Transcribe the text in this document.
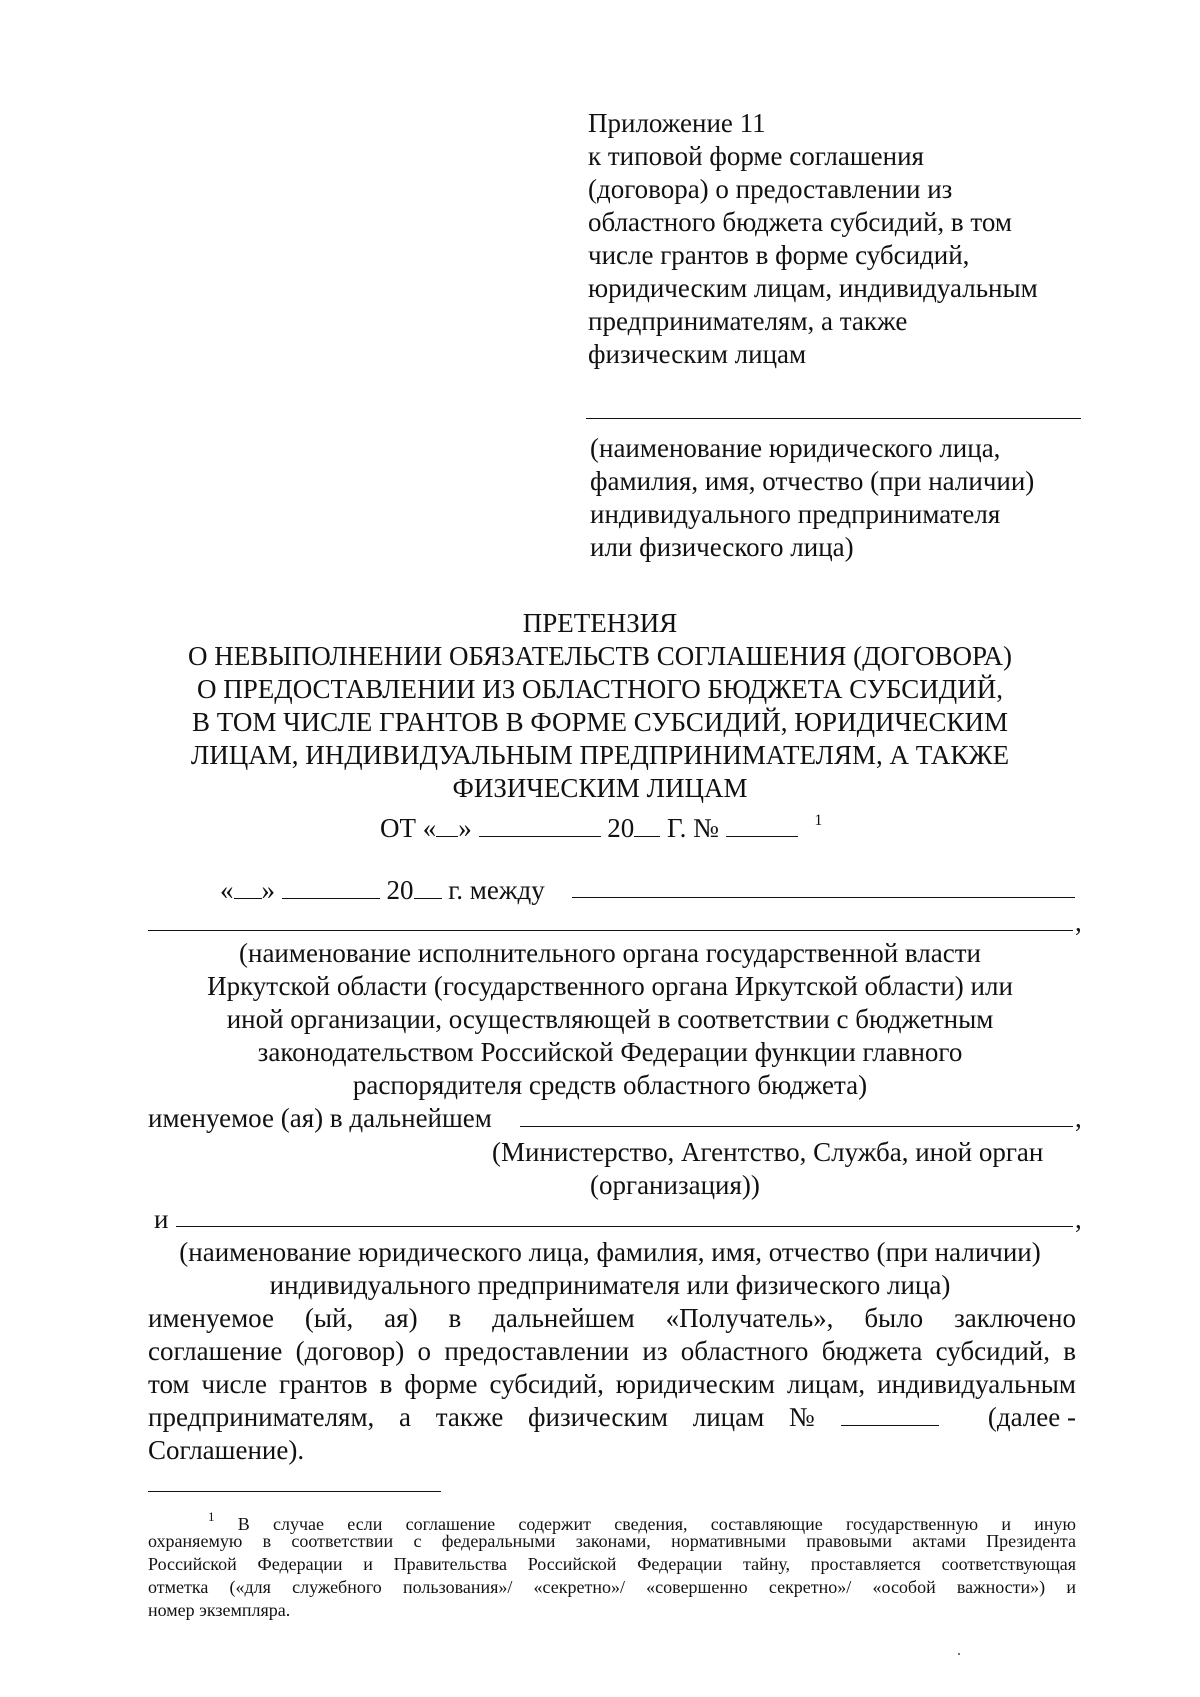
Приложение 11
к типовой форме соглашения
(договора) о предоставлении из
областного бюджета субсидий, в том
числе грантов в форме субсидий,
юридическим лицам, индивидуальным
предпринимателям, а также
физическим лицам
(наименование юридического лица,
фамилия, имя, отчество (при наличии)
индивидуального предпринимателя
или физического лица)
ПРЕТЕНЗИЯ
О НЕВЫПОЛНЕНИИ ОБЯЗАТЕЛЬСТВ СОГЛАШЕНИЯ (ДОГОВОРА)
О ПРЕДОСТАВЛЕНИИ ИЗ ОБЛАСТНОГО БЮДЖЕТА СУБСИДИЙ,
В ТОМ ЧИСЛЕ ГРАНТОВ В ФОРМЕ СУБСИДИЙ, ЮРИДИЧЕСКИМ
ЛИЦАМ, ИНДИВИДУАЛЬНЫМ ПРЕДПРИНИМАТЕЛЯМ, А ТАКЖЕ
ФИЗИЧЕСКИМ ЛИЦАМ
ОТ « »	20 Г. №	$^1$
« »	20 г. между
,
(наименование исполнительного органа государственной власти
Иркутской области (государственного органа Иркутской области) или
иной организации, осуществляющей в соответствии с бюджетным
законодательством Российской Федерации функции главного
распорядителя средств областного бюджета)
именуемое (ая) в дальнейшем	,
(Министерство, Агентство, Служба, иной орган
(организация))
и	,
(наименование юридического лица, фамилия, имя, отчество (при наличии)
индивидуального предпринимателя или физического лица)
именуемое (ый, ая) в дальнейшем «Получатель», было заключено
соглашение (договор) о предоставлении из областного бюджета субсидий, в
том числе грантов в форме субсидий, юридическим лицам, индивидуальным
предпринимателям, а также физическим лицам №	(далее -
Соглашение).
$^1$ В случае если соглашение содержит сведения, составляющие государственную и иную
охраняемую в соответствии с федеральными законами, нормативными правовыми актами Президента
Российской Федерации и Правительства Российской Федерации тайну, проставляется соответствующая
отметка («для служебного пользования»/ «секретно»/ «совершенно секретно»/ «особой важности») и
номер экземпляра.
